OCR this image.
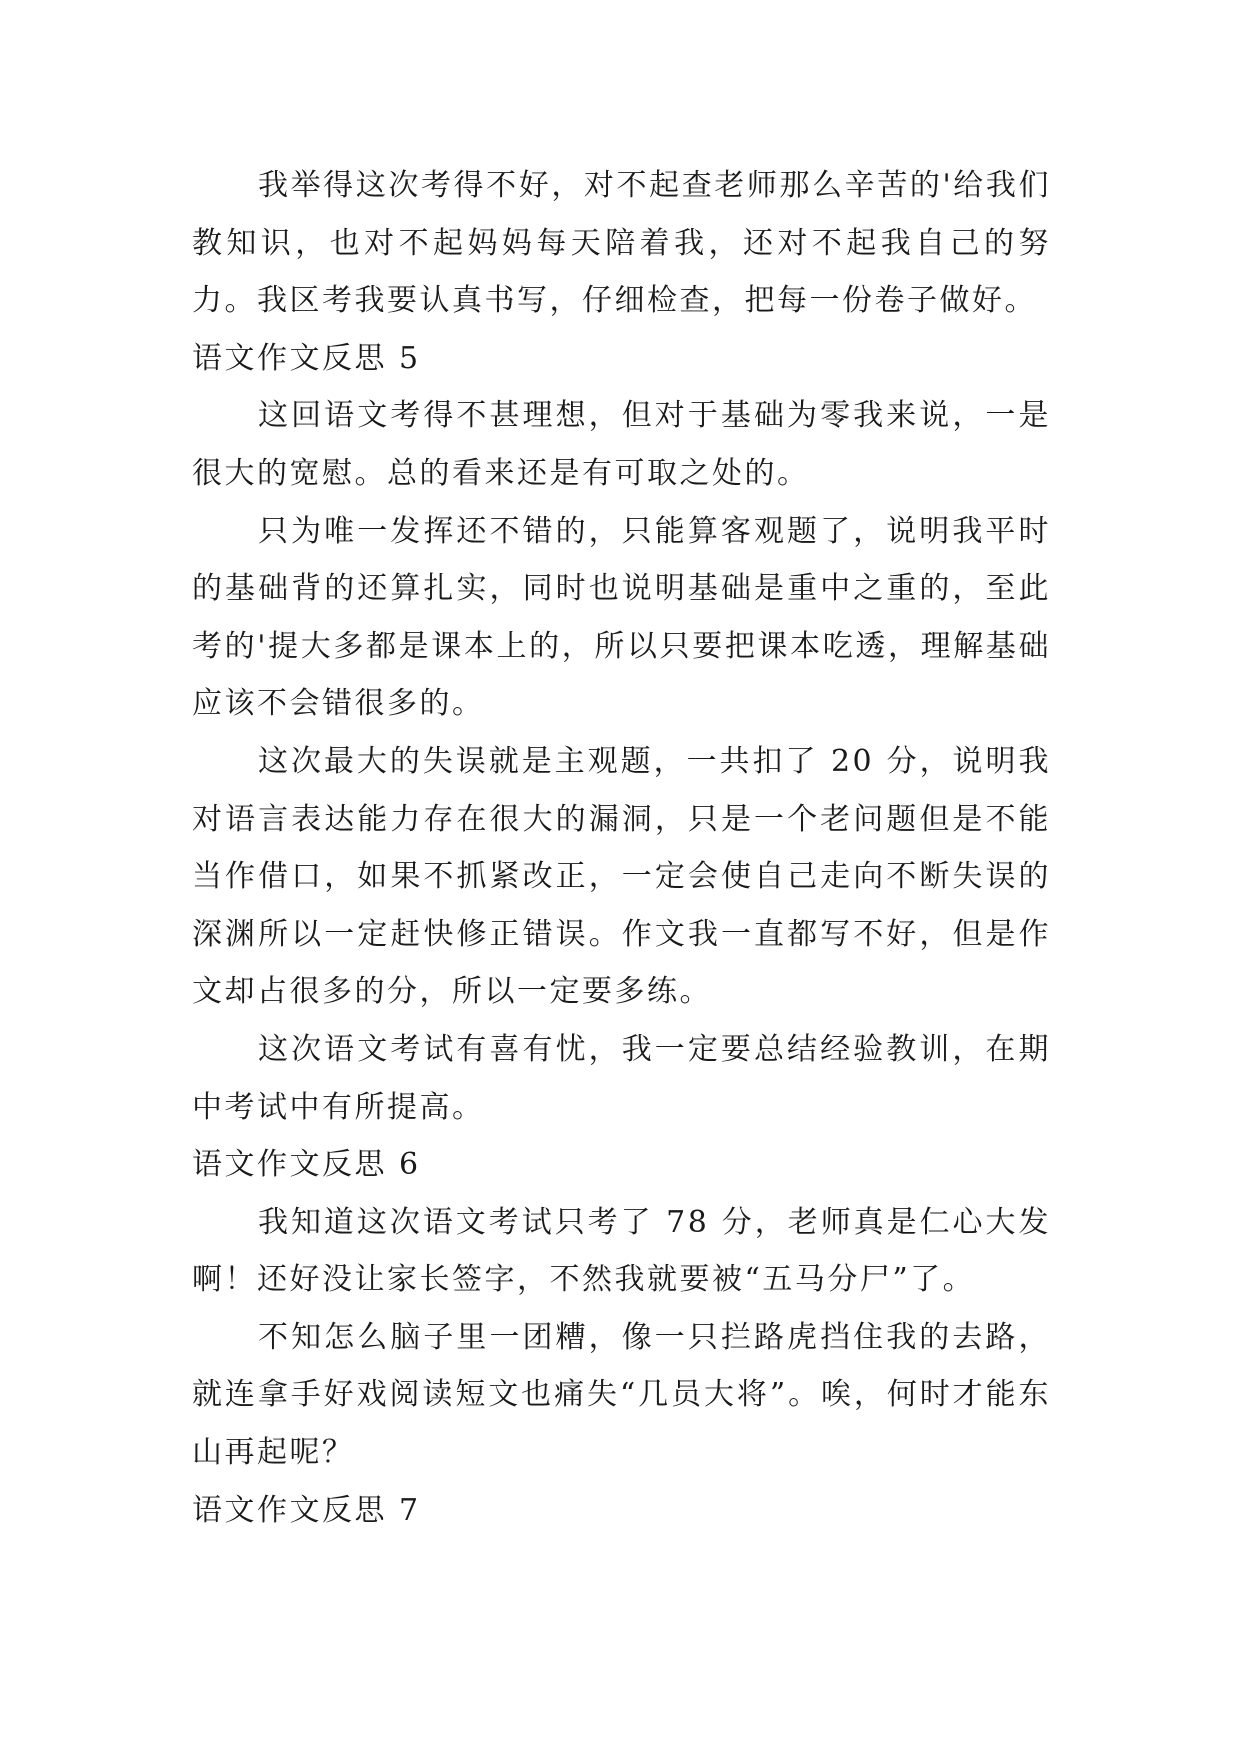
我举得这次考得不好，对不起查老师那么辛苦的'给我们教知识，也对不起妈妈每天陪着我，还对不起我自己的努力。我区考我要认真书写，仔细检查，把每一份卷子做好。

语文作文反思 5

这回语文考得不甚理想，但对于基础为零我来说，一是很大的宽慰。总的看来还是有可取之处的。

只为唯一发挥还不错的，只能算客观题了，说明我平时的基础背的还算扎实，同时也说明基础是重中之重的，至此考的'提大多都是课本上的，所以只要把课本吃透，理解基础应该不会错很多的。

这次最大的失误就是主观题，一共扣了 20 分，说明我对语言表达能力存在很大的漏洞，只是一个老问题但是不能当作借口，如果不抓紧改正，一定会使自己走向不断失误的深渊所以一定赶快修正错误。作文我一直都写不好，但是作文却占很多的分，所以一定要多练。

这次语文考试有喜有忧，我一定要总结经验教训，在期中考试中有所提高。

语文作文反思 6

我知道这次语文考试只考了 78 分，老师真是仁心大发啊！还好没让家长签字，不然我就要被“五马分尸”了。

不知怎么脑子里一团糟，像一只拦路虎挡住我的去路，就连拿手好戏阅读短文也痛失“几员大将”。唉，何时才能东山再起呢？

语文作文反思 7
